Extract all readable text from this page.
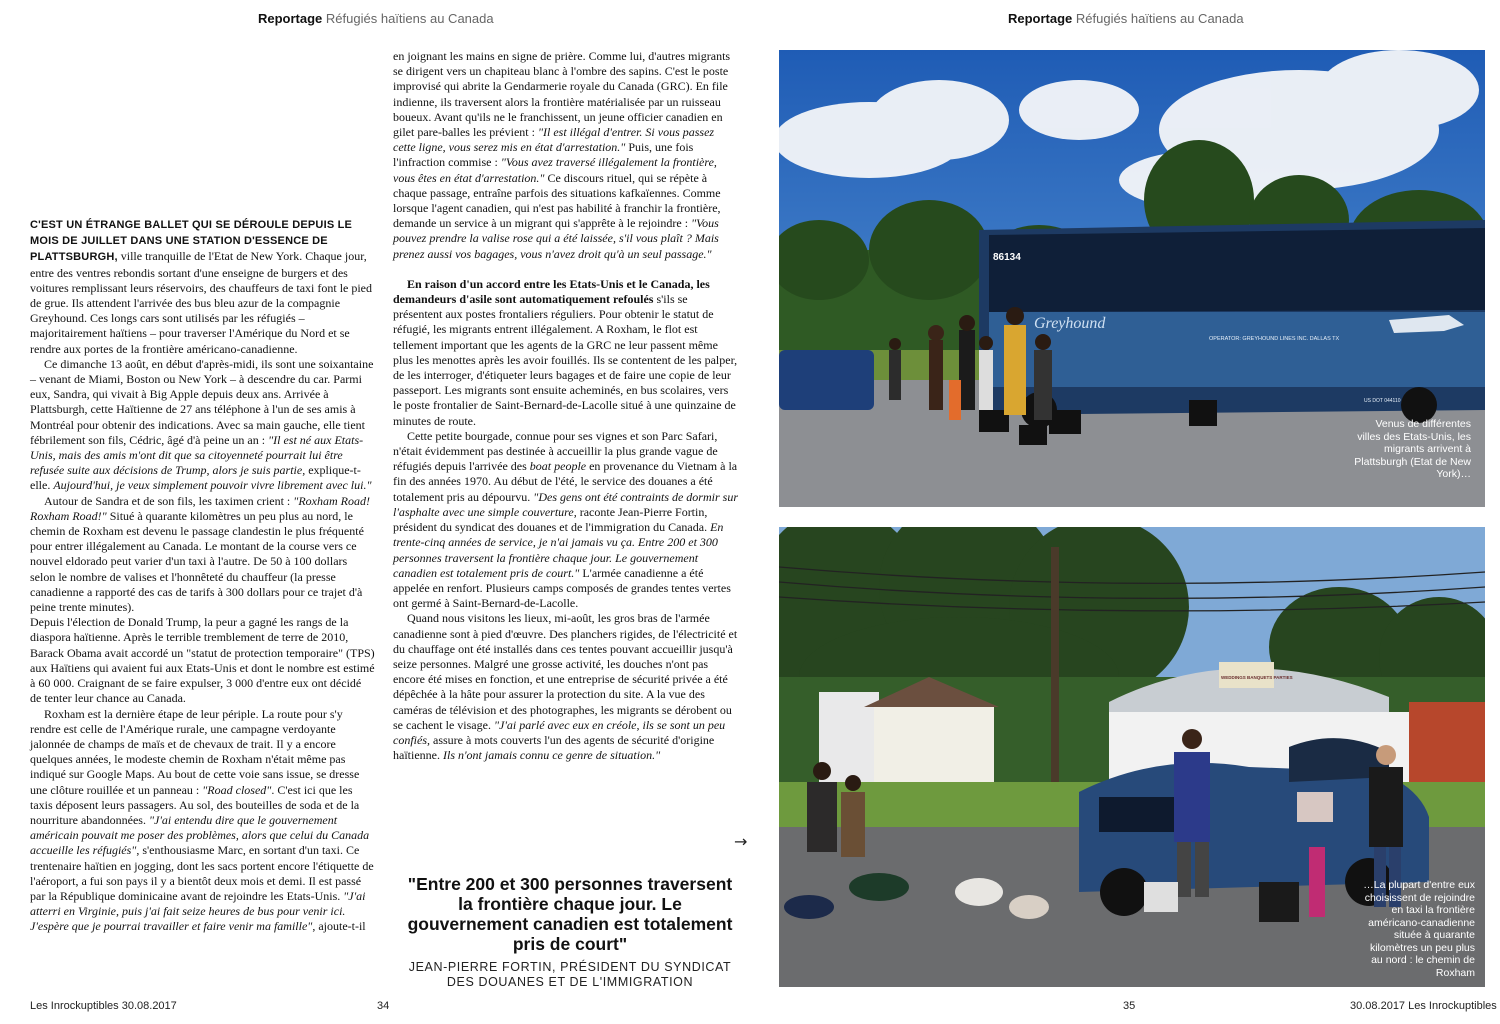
Reportage Réfugiés haïtiens au Canada	Reportage Réfugiés haïtiens au Canada

C'EST UN ÉTRANGE BALLET QUI SE DÉROULE DEPUIS LE MOIS DE JUILLET DANS UNE STATION D'ESSENCE DE PLATTSBURGH, ville tranquille de l'Etat de New York. Chaque jour, entre des ventres rebondis sortant d'une enseigne de burgers et des voitures remplissant leurs réservoirs, des chauffeurs de taxi font le pied de grue. Ils attendent l'arrivée des bus bleu azur de la compagnie Greyhound. Ces longs cars sont utilisés par les réfugiés – majoritairement haïtiens – pour traverser l'Amérique du Nord et se rendre aux portes de la frontière américano-canadienne.

Ce dimanche 13 août, en début d'après-midi, ils sont une soixantaine – venant de Miami, Boston ou New York – à descendre du car. Parmi eux, Sandra, qui vivait à Big Apple depuis deux ans. Arrivée à Plattsburgh, cette Haïtienne de 27 ans téléphone à l'un de ses amis à Montréal pour obtenir des indications. Avec sa main gauche, elle tient fébrilement son fils, Cédric, âgé d'à peine un an : "Il est né aux Etats-Unis, mais des amis m'ont dit que sa citoyenneté pourrait lui être refusée suite aux décisions de Trump, alors je suis partie, explique-t-elle. Aujourd'hui, je veux simplement pouvoir vivre librement avec lui."

Autour de Sandra et de son fils, les taximen crient : "Roxham Road! Roxham Road!" Situé à quarante kilomètres un peu plus au nord, le chemin de Roxham est devenu le passage clandestin le plus fréquenté pour entrer illégalement au Canada. Le montant de la course vers ce nouvel eldorado peut varier d'un taxi à l'autre. De 50 à 100 dollars selon le nombre de valises et l'honnêteté du chauffeur (la presse canadienne a rapporté des cas de tarifs à 300 dollars pour ce trajet d'à peine trente minutes).

Depuis l'élection de Donald Trump, la peur a gagné les rangs de la diaspora haïtienne. Après le terrible tremblement de terre de 2010, Barack Obama avait accordé un "statut de protection temporaire" (TPS) aux Haïtiens qui avaient fui aux Etats-Unis et dont le nombre est estimé à 60 000. Craignant de se faire expulser, 3 000 d'entre eux ont décidé de tenter leur chance au Canada.

Roxham est la dernière étape de leur périple. La route pour s'y rendre est celle de l'Amérique rurale, une campagne verdoyante jalonnée de champs de maïs et de chevaux de trait. Il y a encore quelques années, le modeste chemin de Roxham n'était même pas indiqué sur Google Maps. Au bout de cette voie sans issue, se dresse une clôture rouillée et un panneau : "Road closed". C'est ici que les taxis déposent leurs passagers. Au sol, des bouteilles de soda et de la nourriture abandonnées. "J'ai entendu dire que le gouvernement américain pouvait me poser des problèmes, alors que celui du Canada accueille les réfugiés", s'enthousiasme Marc, en sortant d'un taxi. Ce trentenaire haïtien en jogging, dont les sacs portent encore l'étiquette de l'aéroport, a fui son pays il y a bientôt deux mois et demi. Il est passé par la République dominicaine avant de rejoindre les Etats-Unis. "J'ai atterri en Virginie, puis j'ai fait seize heures de bus pour venir ici. J'espère que je pourrai travailler et faire venir ma famille", ajoute-t-il

en joignant les mains en signe de prière. Comme lui, d'autres migrants se dirigent vers un chapiteau blanc à l'ombre des sapins. C'est le poste improvisé qui abrite la Gendarmerie royale du Canada (GRC). En file indienne, ils traversent alors la frontière matérialisée par un ruisseau boueux. Avant qu'ils ne le franchissent, un jeune officier canadien en gilet pare-balles les prévient : "Il est illégal d'entrer. Si vous passez cette ligne, vous serez mis en état d'arrestation." Puis, une fois l'infraction commise : "Vous avez traversé illégalement la frontière, vous êtes en état d'arrestation." Ce discours rituel, qui se répète à chaque passage, entraîne parfois des situations kafkaïennes. Comme lorsque l'agent canadien, qui n'est pas habilité à franchir la frontière, demande un service à un migrant qui s'apprête à le rejoindre : "Vous pouvez prendre la valise rose qui a été laissée, s'il vous plaît ? Mais prenez aussi vos bagages, vous n'avez droit qu'à un seul passage."

En raison d'un accord entre les Etats-Unis et le Canada, les demandeurs d'asile sont automatiquement refoulés s'ils se présentent aux postes frontaliers réguliers. Pour obtenir le statut de réfugié, les migrants entrent illégalement. A Roxham, le flot est tellement important que les agents de la GRC ne leur passent même plus les menottes après les avoir fouillés. Ils se contentent de les palper, de les interroger, d'étiqueter leurs bagages et de faire une copie de leur passeport. Les migrants sont ensuite acheminés, en bus scolaires, vers le poste frontalier de Saint-Bernard-de-Lacolle situé à une quinzaine de minutes de route.

Cette petite bourgade, connue pour ses vignes et son Parc Safari, n'était évidemment pas destinée à accueillir la plus grande vague de réfugiés depuis l'arrivée des boat people en provenance du Vietnam à la fin des années 1970. Au début de l'été, le service des douanes a été totalement pris au dépourvu. "Des gens ont été contraints de dormir sur l'asphalte avec une simple couverture, raconte Jean-Pierre Fortin, président du syndicat des douanes et de l'immigration du Canada. En trente-cinq années de service, je n'ai jamais vu ça. Entre 200 et 300 personnes traversent la frontière chaque jour. Le gouvernement canadien est totalement pris de court." L'armée canadienne a été appelée en renfort. Plusieurs camps composés de grandes tentes vertes ont germé à Saint-Bernard-de-Lacolle.

Quand nous visitons les lieux, mi-août, les gros bras de l'armée canadienne sont à pied d'œuvre. Des planchers rigides, de l'électricité et du chauffage ont été installés dans ces tentes pouvant accueillir jusqu'à seize personnes. Malgré une grosse activité, les douches n'ont pas encore été mises en fonction, et une entreprise de sécurité privée a été dépêchée à la hâte pour assurer la protection du site. A la vue des caméras de télévision et des photographes, les migrants se dérobent ou se cachent le visage. "J'ai parlé avec eux en créole, ils se sont un peu confiés, assure à mots couverts l'un des agents de sécurité d'origine haïtienne. Ils n'ont jamais connu ce genre de situation."

→
"Entre 200 et 300 personnes traversent la frontière chaque jour. Le gouvernement canadien est totalement pris de court"
JEAN-PIERRE FORTIN, PRÉSIDENT DU SYNDICAT DES DOUANES ET DE L'IMMIGRATION
86134
Greyhound
OPERATOR: GREYHOUND LINES INC. DALLAS TX
US DOT 044110
Venus de différentes villes des Etats-Unis, les migrants arrivent à Plattsburgh (Etat de New York)…
WEDDINGS BANQUETS PARTIES
…La plupart d'entre eux choisissent de rejoindre en taxi la frontière américano-canadienne située à quarante kilomètres un peu plus au nord : le chemin de Roxham
Les Inrockuptibles 30.08.2017	34	35	30.08.2017 Les Inrockuptibles
